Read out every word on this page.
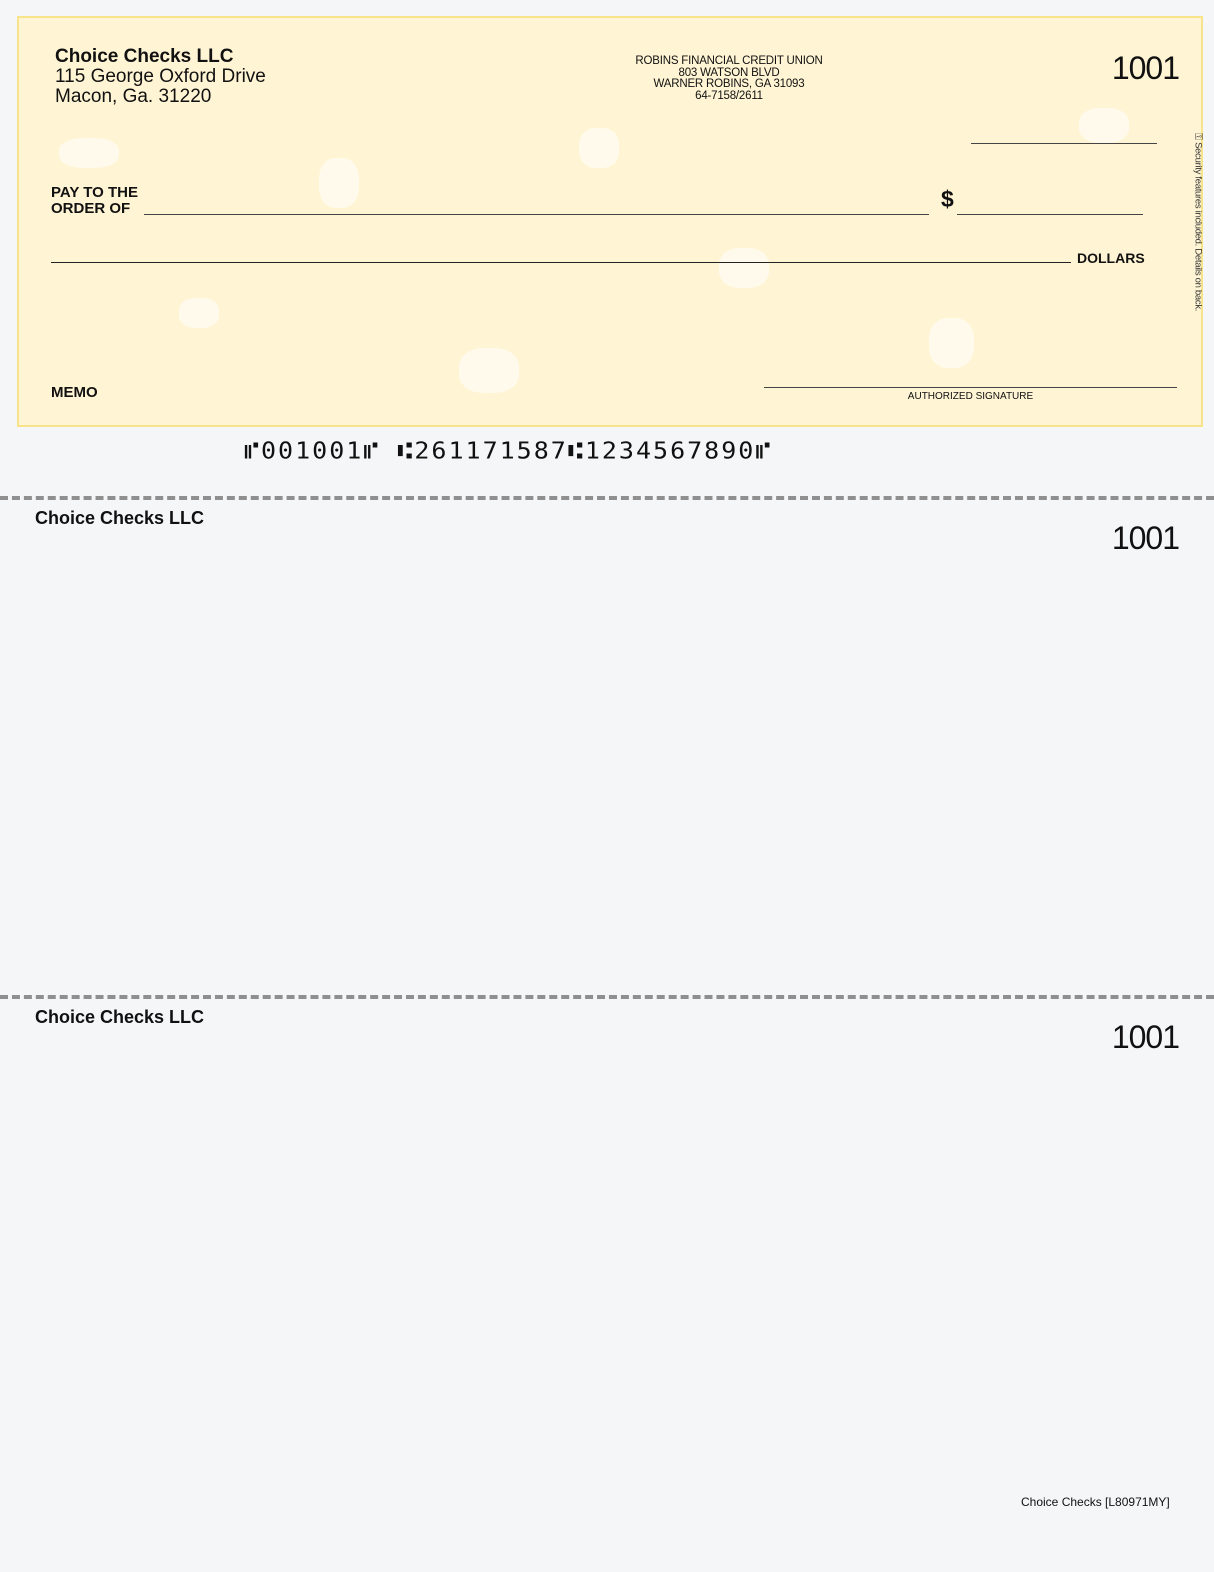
Choice Checks LLC
115 George Oxford Drive
Macon, Ga. 31220
ROBINS FINANCIAL CREDIT UNION
803 WATSON BLVD
WARNER ROBINS, GA 31093
64-7158/2611
1001
PAY TO THE
ORDER OF	$
DOLLARS
MEMO	AUTHORIZED SIGNATURE
⚿ Security features included. Details on back.
⑈001001⑈ ⑆261171587⑆1234567890⑈
Choice Checks LLC
1001
Choice Checks LLC
1001
Choice Checks [L80971MY]
